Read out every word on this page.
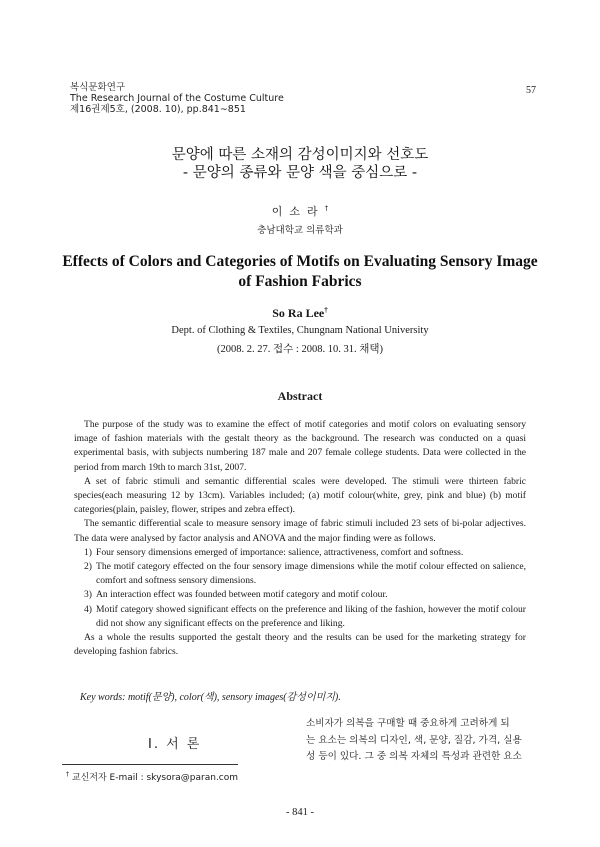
복식문화연구
The Research Journal of the Costume Culture
제16권제5호, (2008. 10), pp.841∼851
57
문양에 따른 소재의 감성이미지와 선호도
- 문양의 종류와 문양 색을 중심으로 -
이소라†
충남대학교 의류학과
Effects of Colors and Categories of Motifs on Evaluating Sensory Image of Fashion Fabrics
So Ra Lee†
Dept. of Clothing & Textiles, Chungnam National University
(2008. 2. 27. 접수 : 2008. 10. 31. 채택)
Abstract

The purpose of the study was to examine the effect of motif categories and motif colors on evaluating sensory image of fashion materials with the gestalt theory as the background. The research was conducted on a quasi experimental basis, with subjects numbering 187 male and 207 female college students. Data were collected in the period from march 19th to march 31st, 2007.

A set of fabric stimuli and semantic differential scales were developed. The stimuli were thirteen fabric species(each measuring 12 by 13cm). Variables included; (a) motif colour(white, grey, pink and blue) (b) motif categories(plain, paisley, flower, stripes and zebra effect).

The semantic differential scale to measure sensory image of fabric stimuli included 23 sets of bi-polar adjectives. The data were analysed by factor analysis and ANOVA and the major finding were as follows.

1) Four sensory dimensions emerged of importance: salience, attractiveness, comfort and softness.
2) The motif category effected on the four sensory image dimensions while the motif colour effected on salience, comfort and softness sensory dimensions.
3) An interaction effect was founded between motif category and motif colour.
4) Motif category showed significant effects on the preference and liking of the fashion, however the motif colour did not show any significant effects on the preference and liking.

As a whole the results supported the gestalt theory and the results can be used for the marketing strategy for developing fashion fabrics.

Key words: motif(문양), color(색), sensory images(감성이미지).
Ⅰ. 서 론
소비자가 의복을 구매할 때 중요하게 고려하게 되
는 요소는 의복의 디자인, 색, 문양, 질감, 가격, 실용
성 등이 있다. 그 중 의복 자체의 특성과 관련한 요소
† 교신저자 E-mail : skysora@paran.com
- 841 -
